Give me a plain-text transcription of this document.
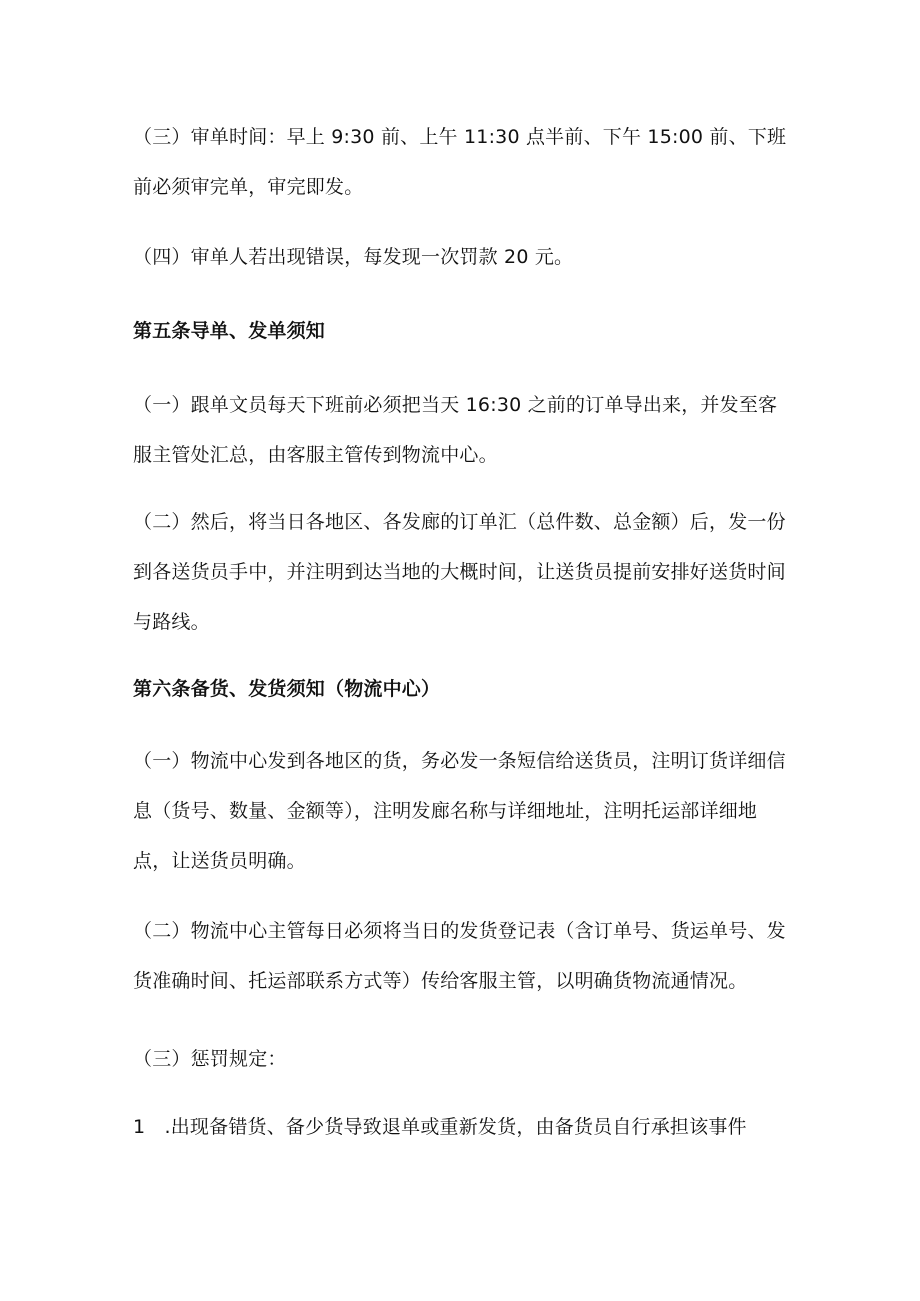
（三）审单时间：早上 9:30 前、上午 11:30 点半前、下午 15:00 前、下班前必须审完单，审完即发。

（四）审单人若出现错误，每发现一次罚款 20 元。

第五条导单、发单须知

（一）跟单文员每天下班前必须把当天 16:30 之前的订单导出来，并发至客服主管处汇总，由客服主管传到物流中心。

（二）然后，将当日各地区、各发廊的订单汇（总件数、总金额）后，发一份到各送货员手中，并注明到达当地的大概时间，让送货员提前安排好送货时间与路线。

第六条备货、发货须知（物流中心）

（一）物流中心发到各地区的货，务必发一条短信给送货员，注明订货详细信息（货号、数量、金额等），注明发廊名称与详细地址，注明托运部详细地点，让送货员明确。

（二）物流中心主管每日必须将当日的发货登记表（含订单号、货运单号、发货准确时间、托运部联系方式等）传给客服主管，以明确货物流通情况。

（三）惩罚规定：

1　.出现备错货、备少货导致退单或重新发货，由备货员自行承担该事件
